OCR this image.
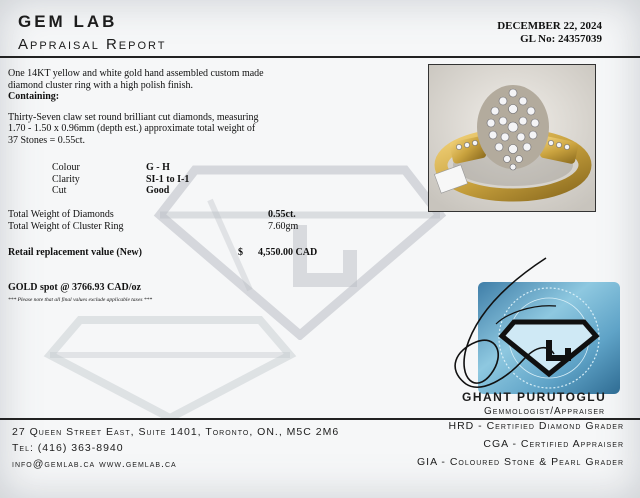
GEM LAB
Appraisal Report
DECEMBER 22, 2024
GL No: 24357039
One 14KT yellow and white gold hand assembled custom made
diamond cluster ring with a high polish finish.
Containing:
Thirty-Seven claw set round brilliant cut diamonds, measuring
1.70 - 1.50 x 0.96mm (depth est.) approximate total weight of
37 Stones = 0.55ct.
Colour
Clarity
Cut
G - H
SI-1 to I-1
Good
Total Weight of Diamonds
Total Weight of Cluster Ring
0.55ct.
7.60gm
Retail replacement value (New)	$ 4,550.00 CAD
GOLD spot @ 3766.93 CAD/oz
*** Please note that all final values exclude applicable taxes ***
GHANT PURUTOGLU
Gemmologist/Appraiser
27 Queen Street East, Suite 1401, Toronto, ON., M5C 2M6
Tel: (416) 363-8940
info@gemlab.ca www.gemlab.ca
HRD - Certified Diamond Grader
CGA - Certified Appraiser
GIA - Coloured Stone & Pearl Grader
